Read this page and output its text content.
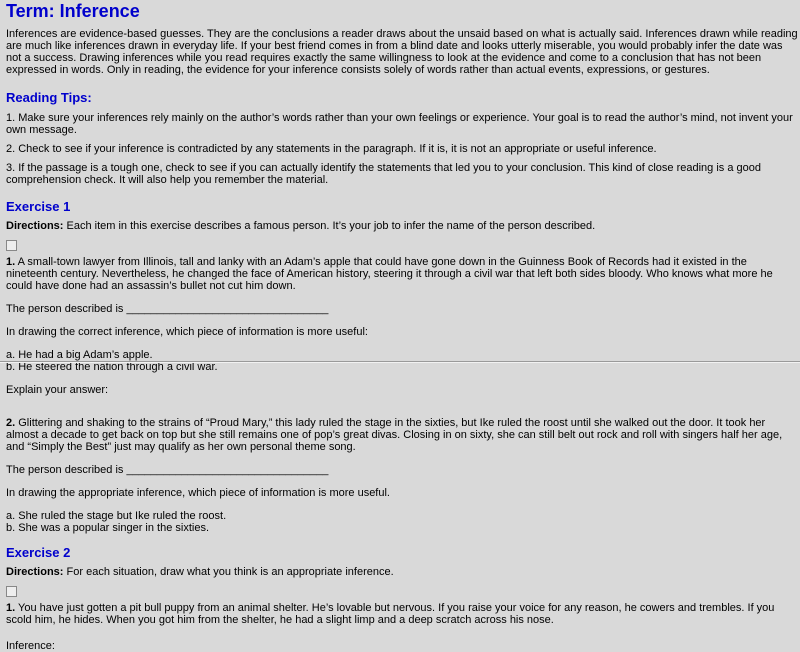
Term: Inference

Inferences are evidence-based guesses. They are the conclusions a reader draws about the unsaid based on what is actually said. Inferences drawn while reading are much like inferences drawn in everyday life. If your best friend comes in from a blind date and looks utterly miserable, you would probably infer the date was not a success. Drawing inferences while you read requires exactly the same willingness to look at the evidence and come to a conclusion that has not been expressed in words. Only in reading, the evidence for your inference consists solely of words rather than actual events, expressions, or gestures.

Reading Tips:

1. Make sure your inferences rely mainly on the author’s words rather than your own feelings or experience. Your goal is to read the author’s mind, not invent your own message.

2. Check to see if your inference is contradicted by any statements in the paragraph. If it is, it is not an appropriate or useful inference.

3. If the passage is a tough one, check to see if you can actually identify the statements that led you to your conclusion. This kind of close reading is a good comprehension check. It will also help you remember the material.

Exercise 1

Directions: Each item in this exercise describes a famous person. It’s your job to infer the name of the person described.

1. A small-town lawyer from Illinois, tall and lanky with an Adam’s apple that could have gone down in the Guinness Book of Records had it existed in the nineteenth century. Nevertheless, he changed the face of American history, steering it through a civil war that left both sides bloody. Who knows what more he could have done had an assassin’s bullet not cut him down.

The person described is _________________________________

In drawing the correct inference, which piece of information is more useful:

a. He had a big Adam’s apple.

b. He steered the nation through a civil war.

Explain your answer:

2. Glittering and shaking to the strains of “Proud Mary,” this lady ruled the stage in the sixties, but Ike ruled the roost until she walked out the door. It took her almost a decade to get back on top but she still remains one of pop’s great divas. Closing in on sixty, she can still belt out rock and roll with singers half her age, and “Simply the Best” just may qualify as her own personal theme song.

The person described is _________________________________

In drawing the appropriate inference, which piece of information is more useful.

a. She ruled the stage but Ike ruled the roost.

b. She was a popular singer in the sixties.

Exercise 2

Directions: For each situation, draw what you think is an appropriate inference.

1. You have just gotten a pit bull puppy from an animal shelter. He’s lovable but nervous. If you raise your voice for any reason, he cowers and trembles. If you scold him, he hides. When you got him from the shelter, he had a slight limp and a deep scratch across his nose.

Inference:
